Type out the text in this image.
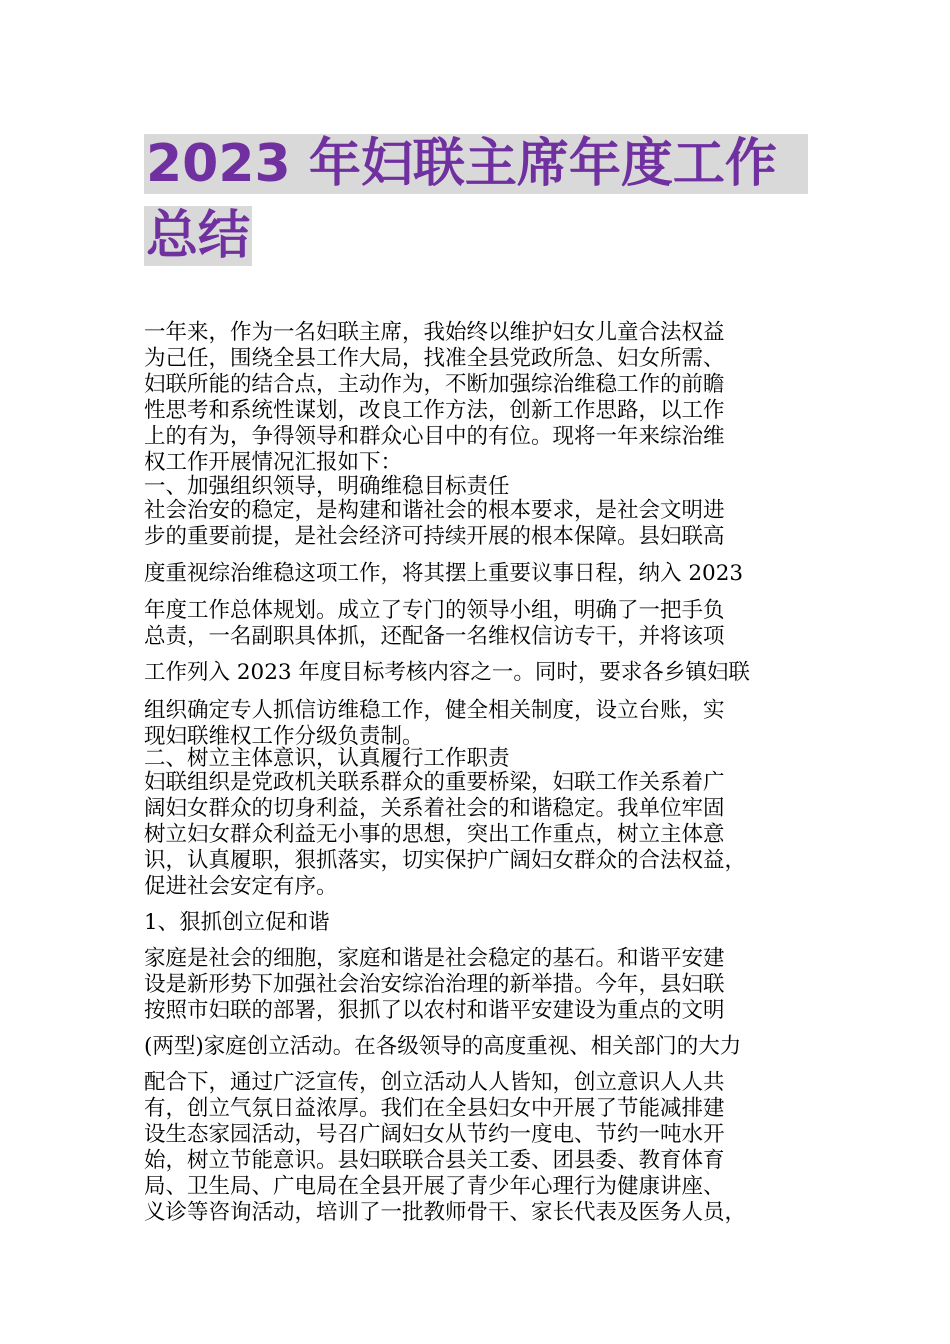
2023 年妇联主席年度工作
总结
一年来，作为一名妇联主席，我始终以维护妇女儿童合法权益
为己任，围绕全县工作大局，找准全县党政所急、妇女所需、
妇联所能的结合点，主动作为，不断加强综治维稳工作的前瞻
性思考和系统性谋划，改良工作方法，创新工作思路，以工作
上的有为，争得领导和群众心目中的有位。现将一年来综治维
权工作开展情况汇报如下：
一、加强组织领导，明确维稳目标责任
社会治安的稳定，是构建和谐社会的根本要求，是社会文明进
步的重要前提，是社会经济可持续开展的根本保障。县妇联高
度重视综治维稳这项工作，将其摆上重要议事日程，纳入 2023
年度工作总体规划。成立了专门的领导小组，明确了一把手负
总责，一名副职具体抓，还配备一名维权信访专干，并将该项
工作列入 2023 年度目标考核内容之一。同时，要求各乡镇妇联
组织确定专人抓信访维稳工作，健全相关制度，设立台账，实
现妇联维权工作分级负责制。
二、树立主体意识，认真履行工作职责
妇联组织是党政机关联系群众的重要桥梁，妇联工作关系着广
阔妇女群众的切身利益，关系着社会的和谐稳定。我单位牢固
树立妇女群众利益无小事的思想，突出工作重点，树立主体意
识，认真履职，狠抓落实，切实保护广阔妇女群众的合法权益，
促进社会安定有序。
1、狠抓创立促和谐
家庭是社会的细胞，家庭和谐是社会稳定的基石。和谐平安建
设是新形势下加强社会治安综治治理的新举措。今年，县妇联
按照市妇联的部署，狠抓了以农村和谐平安建设为重点的文明
(两型)家庭创立活动。在各级领导的高度重视、相关部门的大力
配合下，通过广泛宣传，创立活动人人皆知，创立意识人人共
有，创立气氛日益浓厚。我们在全县妇女中开展了节能减排建
设生态家园活动，号召广阔妇女从节约一度电、节约一吨水开
始，树立节能意识。县妇联联合县关工委、团县委、教育体育
局、卫生局、广电局在全县开展了青少年心理行为健康讲座、
义诊等咨询活动，培训了一批教师骨干、家长代表及医务人员，
